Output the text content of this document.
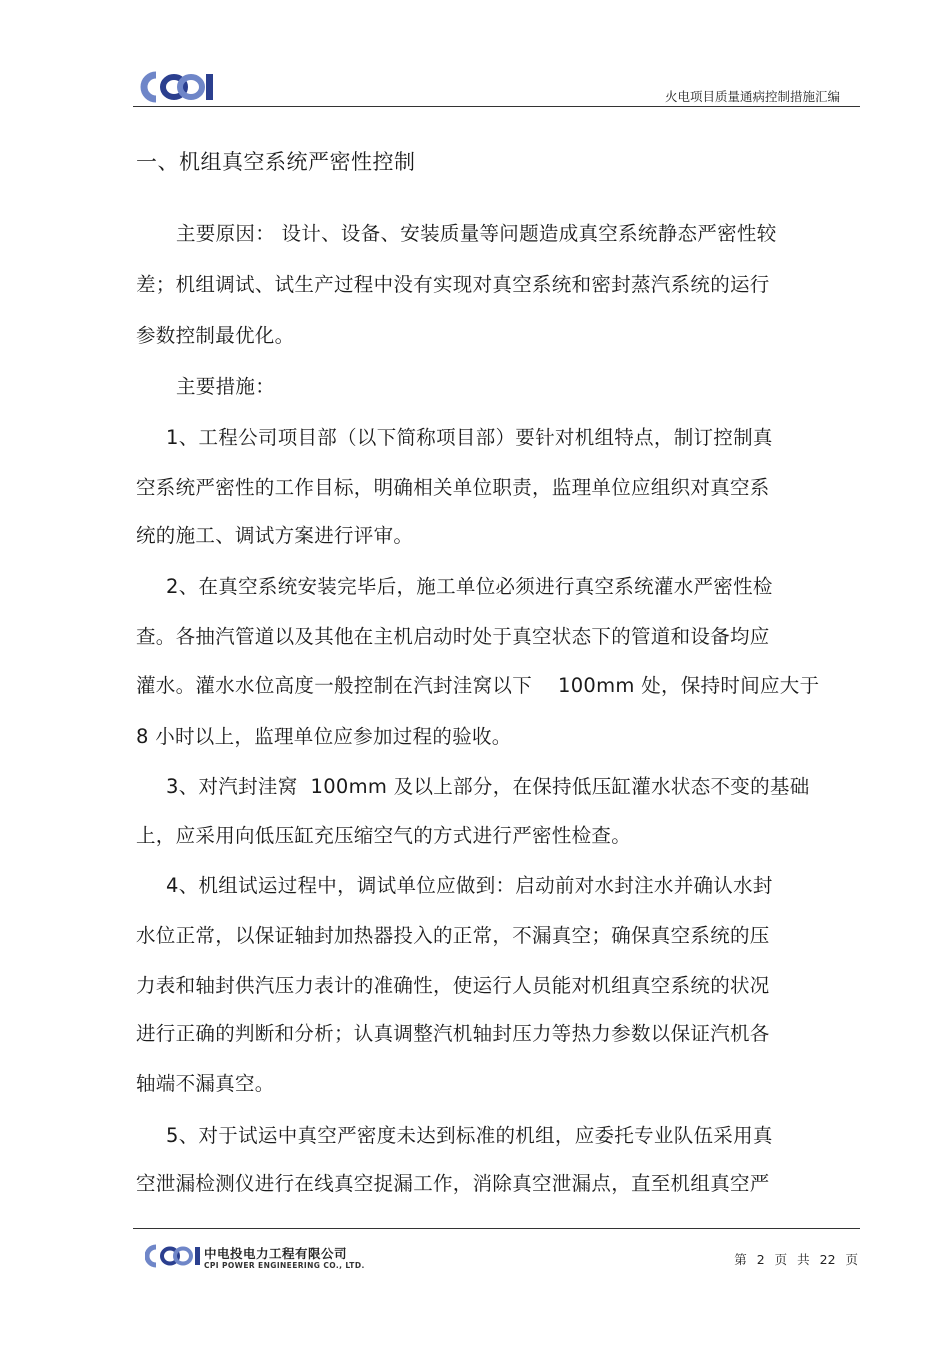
火电项目质量通病控制措施汇编
一、机组真空系统严密性控制
主要原因： 设计、设备、安装质量等问题造成真空系统静态严密性较
差；机组调试、试生产过程中没有实现对真空系统和密封蒸汽系统的运行
参数控制最优化。
主要措施：
1、工程公司项目部（以下简称项目部）要针对机组特点，制订控制真
空系统严密性的工作目标，明确相关单位职责，监理单位应组织对真空系
统的施工、调试方案进行评审。
2、在真空系统安装完毕后，施工单位必须进行真空系统灌水严密性检
查。各抽汽管道以及其他在主机启动时处于真空状态下的管道和设备均应
灌水。灌水水位高度一般控制在汽封洼窝以下    100mm 处，保持时间应大于
8 小时以上，监理单位应参加过程的验收。
3、对汽封洼窝  100mm 及以上部分，在保持低压缸灌水状态不变的基础
上，应采用向低压缸充压缩空气的方式进行严密性检查。
4、机组试运过程中，调试单位应做到：启动前对水封注水并确认水封
水位正常，以保证轴封加热器投入的正常，不漏真空；确保真空系统的压
力表和轴封供汽压力表计的准确性，使运行人员能对机组真空系统的状况
进行正确的判断和分析；认真调整汽机轴封压力等热力参数以保证汽机各
轴端不漏真空。
5、对于试运中真空严密度未达到标准的机组，应委托专业队伍采用真
空泄漏检测仪进行在线真空捉漏工作，消除真空泄漏点，直至机组真空严
中电投电力工程有限公司
CPI POWER ENGINEERING CO., LTD.	第 2 页 共 22 页
